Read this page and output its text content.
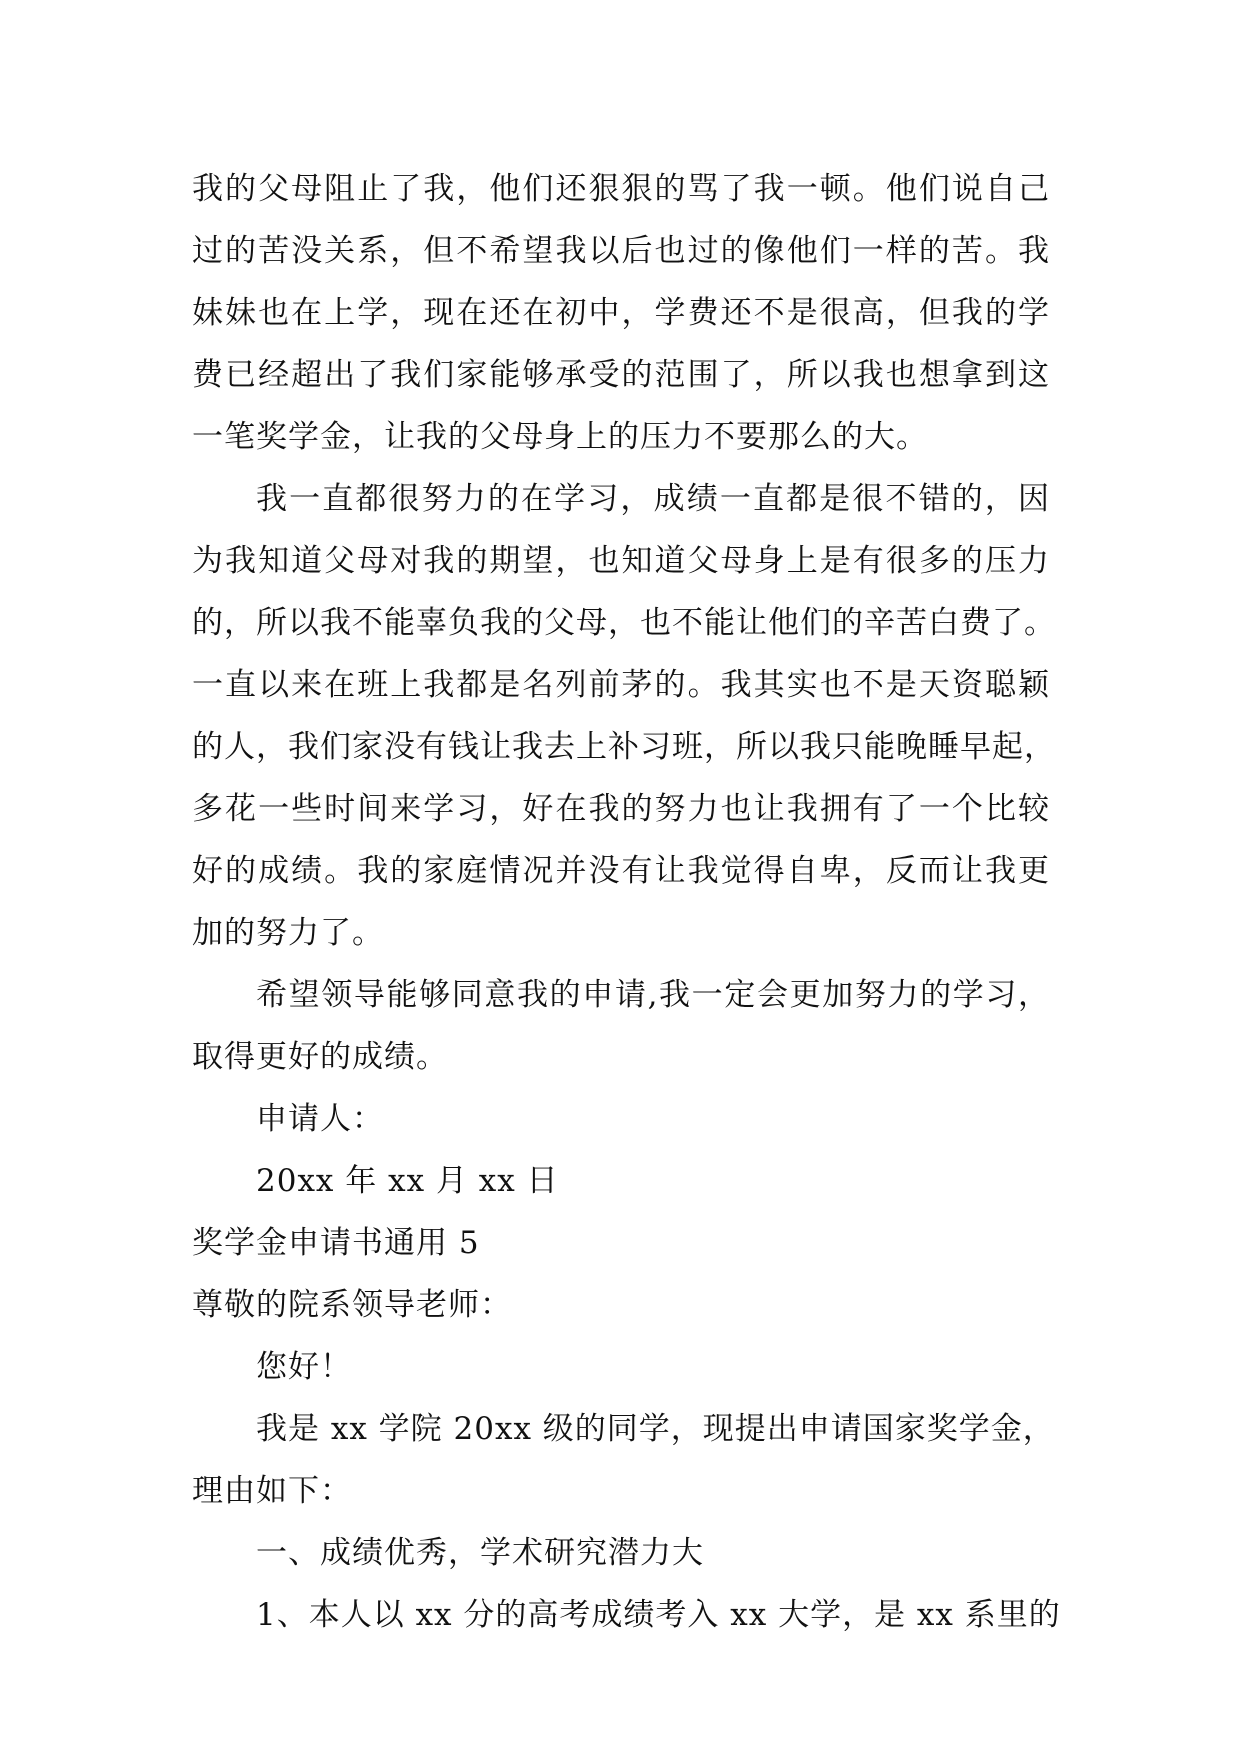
我的父母阻止了我，他们还狠狠的骂了我一顿。他们说自己
过的苦没关系，但不希望我以后也过的像他们一样的苦。我
妹妹也在上学，现在还在初中，学费还不是很高，但我的学
费已经超出了我们家能够承受的范围了，所以我也想拿到这
一笔奖学金，让我的父母身上的压力不要那么的大。
我一直都很努力的在学习，成绩一直都是很不错的，因
为我知道父母对我的期望，也知道父母身上是有很多的压力
的，所以我不能辜负我的父母，也不能让他们的辛苦白费了。
一直以来在班上我都是名列前茅的。我其实也不是天资聪颖
的人，我们家没有钱让我去上补习班，所以我只能晚睡早起，
多花一些时间来学习，好在我的努力也让我拥有了一个比较
好的成绩。我的家庭情况并没有让我觉得自卑，反而让我更
加的努力了。
希望领导能够同意我的申请,我一定会更加努力的学习，
取得更好的成绩。
申请人：
20xx 年 xx 月 xx 日
奖学金申请书通用 5
尊敬的院系领导老师：
您好！
我是 xx 学院 20xx 级的同学，现提出申请国家奖学金，
理由如下：
一、成绩优秀，学术研究潜力大
1、本人以 xx 分的高考成绩考入 xx 大学，是 xx 系里的
